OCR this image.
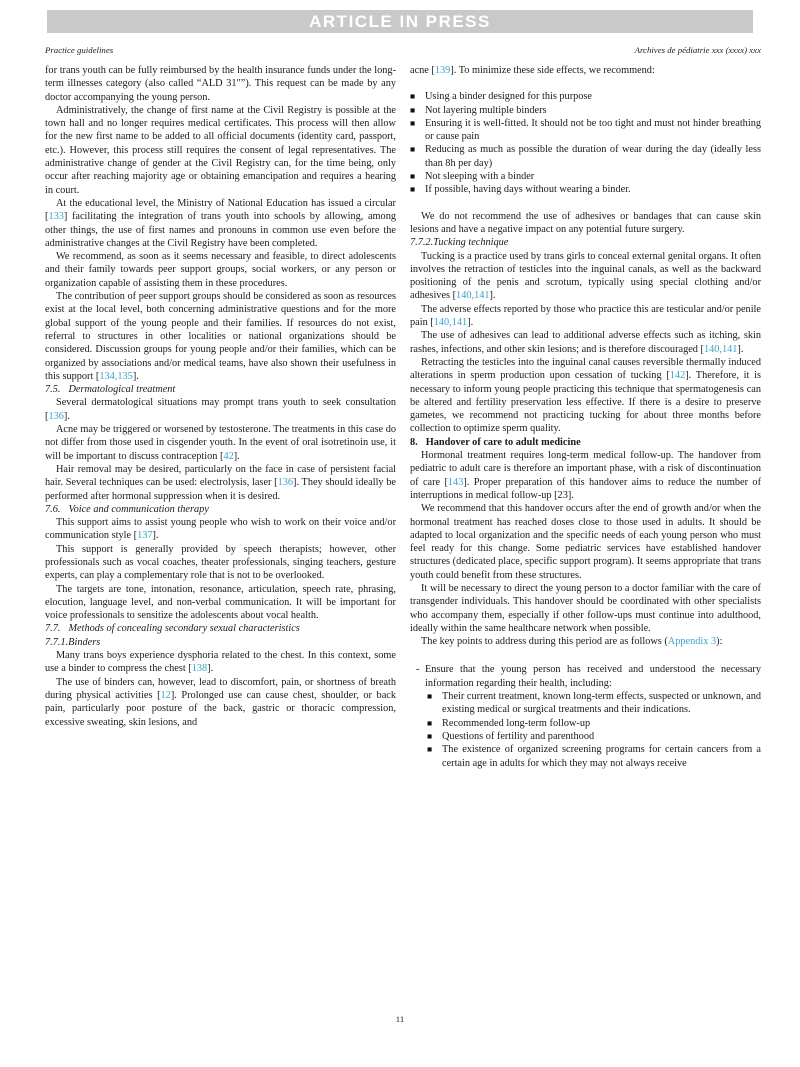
ARTICLE IN PRESS
Practice guidelines	Archives de pédiatrie xxx (xxxx) xxx

for trans youth can be fully reimbursed by the health insurance funds under the long-term illnesses category (also called “ALD 31″”). This request can be made by any doctor accompanying the young person.

Administratively, the change of first name at the Civil Registry is possible at the town hall and no longer requires medical certificates. This process will then allow for the new first name to be added to all official documents (identity card, passport, etc.). However, this process still requires the consent of legal representatives. The administrative change of gender at the Civil Registry can, for the time being, only occur after reaching majority age or obtaining emancipation and requires a hearing in court.

At the educational level, the Ministry of National Education has issued a circular [133] facilitating the integration of trans youth into schools by allowing, among other things, the use of first names and pronouns in common use even before the administrative changes at the Civil Registry have been completed.

We recommend, as soon as it seems necessary and feasible, to direct adolescents and their family towards peer support groups, social workers, or any person or organization capable of assisting them in these procedures.

The contribution of peer support groups should be considered as soon as resources exist at the local level, both concerning administrative questions and for the more global support of the young people and their families. If resources do not exist, referral to structures in other localities or national organizations should be considered. Discussion groups for young people and/or their families, which can be organized by associations and/or medical teams, have also shown their usefulness in this support [134,135].

7.5. Dermatological treatment

Several dermatological situations may prompt trans youth to seek consultation [136].

Acne may be triggered or worsened by testosterone. The treatments in this case do not differ from those used in cisgender youth. In the event of oral isotretinoin use, it will be important to discuss contraception [42].

Hair removal may be desired, particularly on the face in case of persistent facial hair. Several techniques can be used: electrolysis, laser [136]. They should ideally be performed after hormonal suppression when it is desired.

7.6. Voice and communication therapy

This support aims to assist young people who wish to work on their voice and/or communication style [137].

This support is generally provided by speech therapists; however, other professionals such as vocal coaches, theater professionals, singing teachers, gesture experts, can play a complementary role that is not to be overlooked.

The targets are tone, intonation, resonance, articulation, speech rate, phrasing, elocution, language level, and non-verbal communication. It will be important for voice professionals to sensitize the adolescents about vocal health.

7.7. Methods of concealing secondary sexual characteristics

7.7.1.Binders

Many trans boys experience dysphoria related to the chest. In this context, some use a binder to compress the chest [138].

The use of binders can, however, lead to discomfort, pain, or shortness of breath during physical activities [12]. Prolonged use can cause chest, shoulder, or back pain, particularly poor posture of the back, gastric or thoracic compression, excessive sweating, skin lesions, and

acne [139]. To minimize these side effects, we recommend:

■ Using a binder designed for this purpose
■ Not layering multiple binders
■ Ensuring it is well-fitted. It should not be too tight and must not hinder breathing or cause pain
■ Reducing as much as possible the duration of wear during the day (ideally less than 8h per day)
■ Not sleeping with a binder
■ If possible, having days without wearing a binder.

We do not recommend the use of adhesives or bandages that can cause skin lesions and have a negative impact on any potential future surgery.

7.7.2.Tucking technique

Tucking is a practice used by trans girls to conceal external genital organs. It often involves the retraction of testicles into the inguinal canals, as well as the backward positioning of the penis and scrotum, typically using special clothing and/or adhesives [140,141].

The adverse effects reported by those who practice this are testicular and/or penile pain [140,141].

The use of adhesives can lead to additional adverse effects such as itching, skin rashes, infections, and other skin lesions; and is therefore discouraged [140,141].

Retracting the testicles into the inguinal canal causes reversible thermally induced alterations in sperm production upon cessation of tucking [142]. Therefore, it is necessary to inform young people practicing this technique that spermatogenesis can be altered and fertility preservation less effective. If there is a desire to preserve gametes, we recommend not practicing tucking for about three months before collection to optimize sperm quality.

8. Handover of care to adult medicine

Hormonal treatment requires long-term medical follow-up. The handover from pediatric to adult care is therefore an important phase, with a risk of discontinuation of care [143]. Proper preparation of this handover aims to reduce the number of interruptions in medical follow-up [23].

We recommend that this handover occurs after the end of growth and/or when the hormonal treatment has reached doses close to those used in adults. It should be adapted to local organization and the specific needs of each young person who must feel ready for this change. Some pediatric services have established handover structures (dedicated place, specific support program). It seems appropriate that trans youth could benefit from these structures.

It will be necessary to direct the young person to a doctor familiar with the care of transgender individuals. This handover should be coordinated with other specialists who accompany them, especially if other follow-ups must continue into adulthood, ideally within the same healthcare network when possible.

The key points to address during this period are as follows (Appendix 3):

- Ensure that the young person has received and understood the necessary information regarding their health, including:
■ Their current treatment, known long-term effects, suspected or unknown, and existing medical or surgical treatments and their indications.
■ Recommended long-term follow-up
■ Questions of fertility and parenthood
■ The existence of organized screening programs for certain cancers from a certain age in adults for which they may not always receive
11
